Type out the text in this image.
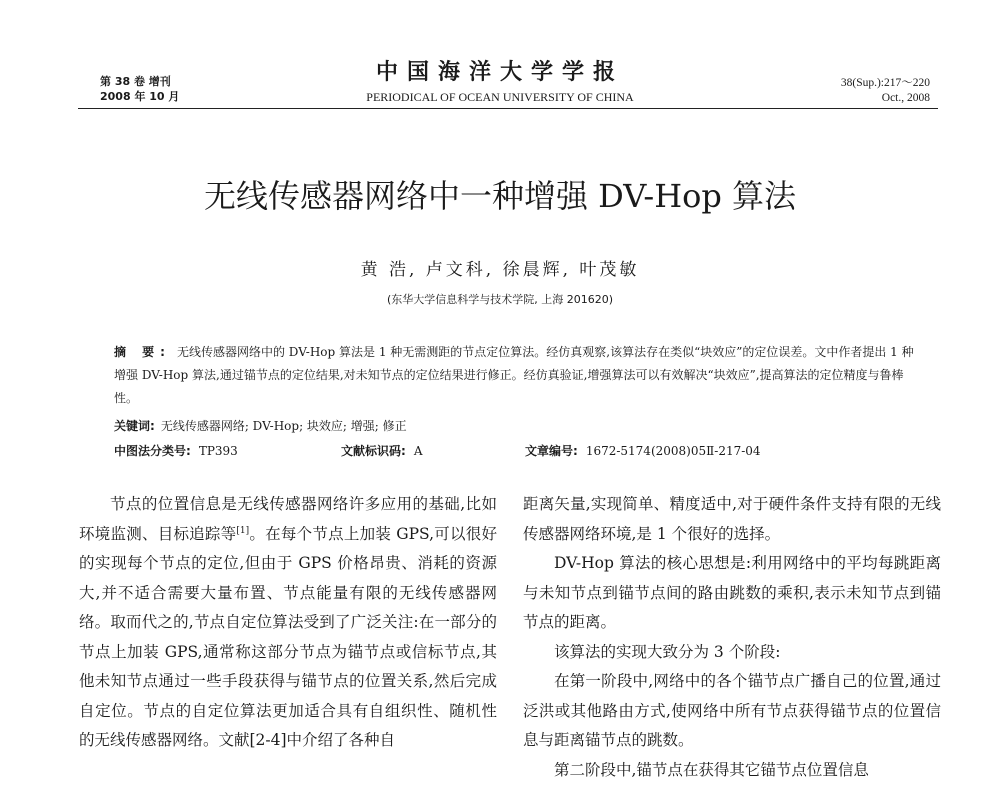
第 38 卷 增刊
2008 年 10 月
中国海洋大学学报
PERIODICAL OF OCEAN UNIVERSITY OF CHINA
38(Sup.):217～220
Oct., 2008
无线传感器网络中一种增强 DV-Hop 算法
黄 浩, 卢文科, 徐晨辉, 叶茂敏
(东华大学信息科学与技术学院, 上海 201620)
摘 要: 无线传感器网络中的 DV-Hop 算法是 1 种无需测距的节点定位算法。经仿真观察,该算法存在类似“块效应”的定位误差。文中作者提出 1 种增强 DV-Hop 算法,通过锚节点的定位结果,对未知节点的定位结果进行修正。经仿真验证,增强算法可以有效解决“块效应”,提高算法的定位精度与鲁棒性。
关键词: 无线传感器网络; DV-Hop; 块效应; 增强; 修正
中图法分类号: TP393	文献标识码: A	文章编号: 1672-5174(2008)05Ⅱ-217-04

节点的位置信息是无线传感器网络许多应用的基础,比如环境监测、目标追踪等[1]。在每个节点上加装 GPS,可以很好的实现每个节点的定位,但由于 GPS 价格昂贵、消耗的资源大,并不适合需要大量布置、节点能量有限的无线传感器网络。取而代之的,节点自定位算法受到了广泛关注:在一部分的节点上加装 GPS,通常称这部分节点为锚节点或信标节点,其他未知节点通过一些手段获得与锚节点的位置关系,然后完成自定位。节点的自定位算法更加适合具有自组织性、随机性的无线传感器网络。文献[2-4]中介绍了各种自

距离矢量,实现简单、精度适中,对于硬件条件支持有限的无线传感器网络环境,是 1 个很好的选择。

DV-Hop 算法的核心思想是:利用网络中的平均每跳距离与未知节点到锚节点间的路由跳数的乘积,表示未知节点到锚节点的距离。

该算法的实现大致分为 3 个阶段:

在第一阶段中,网络中的各个锚节点广播自己的位置,通过泛洪或其他路由方式,使网络中所有节点获得锚节点的位置信息与距离锚节点的跳数。

第二阶段中,锚节点在获得其它锚节点位置信息
